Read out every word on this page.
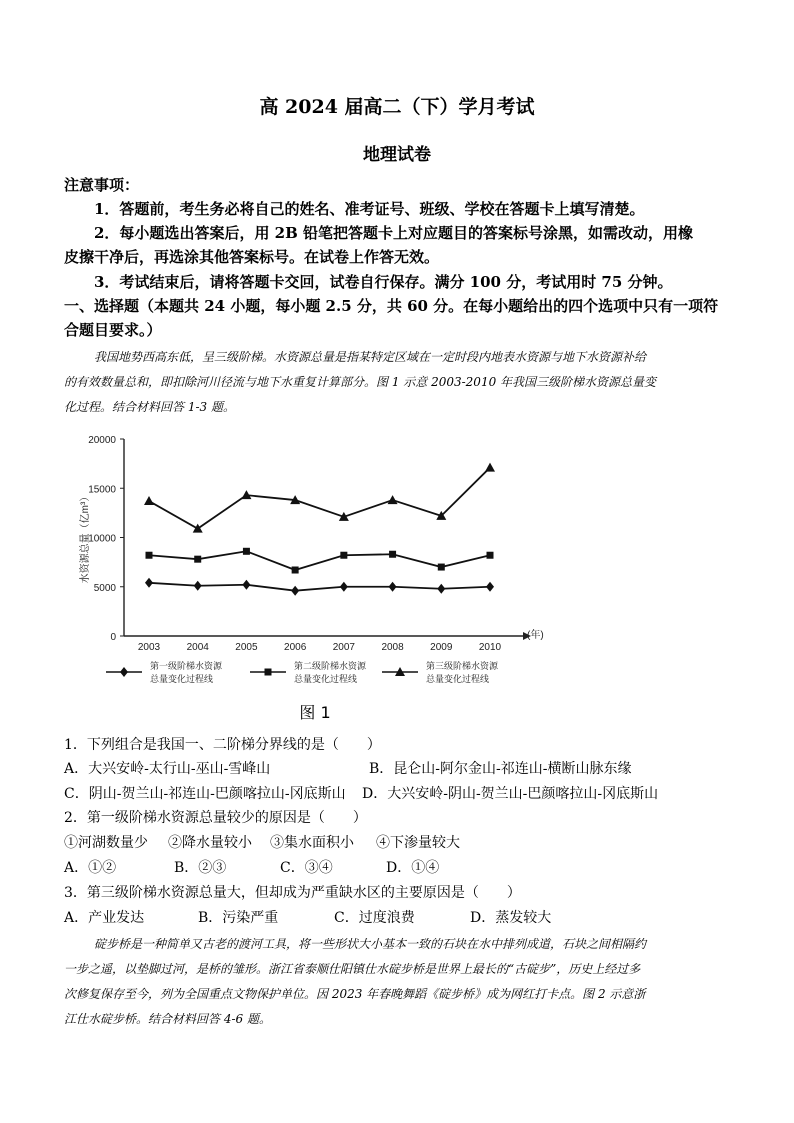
高 2024 届高二（下）学月考试
地理试卷
注意事项：
1．答题前，考生务必将自己的姓名、准考证号、班级、学校在答题卡上填写清楚。
2．每小题选出答案后，用 2B 铅笔把答题卡上对应题目的答案标号涂黑，如需改动，用橡
皮擦干净后，再选涂其他答案标号。在试卷上作答无效。
3．考试结束后，请将答题卡交回，试卷自行保存。满分 100 分，考试用时 75 分钟。
一、选择题（本题共 24 小题，每小题 2.5 分，共 60 分。在每小题给出的四个选项中只有一项符
合题目要求。）
我国地势西高东低，呈三级阶梯。水资源总量是指某特定区域在一定时段内地表水资源与地下水资源补给
的有效数量总和，即扣除河川径流与地下水重复计算部分。图 1 示意 2003-2010 年我国三级阶梯水资源总量变
化过程。结合材料回答 1-3 题。
0
5000
10000
15000
20000
2003	2004	2005	2006	2007	2008	2009	2010
(年)
水资源总量（亿m³）
第一级阶梯水资源
总量变化过程线
第二级阶梯水资源
总量变化过程线
第三级阶梯水资源
总量变化过程线
图 1
1．下列组合是我国一、二阶梯分界线的是（　　）
A．大兴安岭-太行山-巫山-雪峰山	B．昆仑山-阿尔金山-祁连山-横断山脉东缘
C．阴山-贺兰山-祁连山-巴颜喀拉山-冈底斯山 D．大兴安岭-阴山-贺兰山-巴颜喀拉山-冈底斯山
2．第一级阶梯水资源总量较少的原因是（　　）
①河湖数量少 ②降水量较小 ③集水面积小 ④下渗量较大
A．①②	B．②③	C．③④	D．①④
3．第三级阶梯水资源总量大，但却成为严重缺水区的主要原因是（　　）
A．产业发达	B．污染严重	C．过度浪费	D．蒸发较大
碇步桥是一种简单又古老的渡河工具，将一些形状大小基本一致的石块在水中排列成道，石块之间相隔约
一步之遥，以垫脚过河，是桥的雏形。浙江省泰顺仕阳镇仕水碇步桥是世界上最长的“古碇步”，历史上经过多
次修复保存至今，列为全国重点文物保护单位。因 2023 年春晚舞蹈《碇步桥》成为网红打卡点。图 2 示意浙
江仕水碇步桥。结合材料回答 4-6 题。
